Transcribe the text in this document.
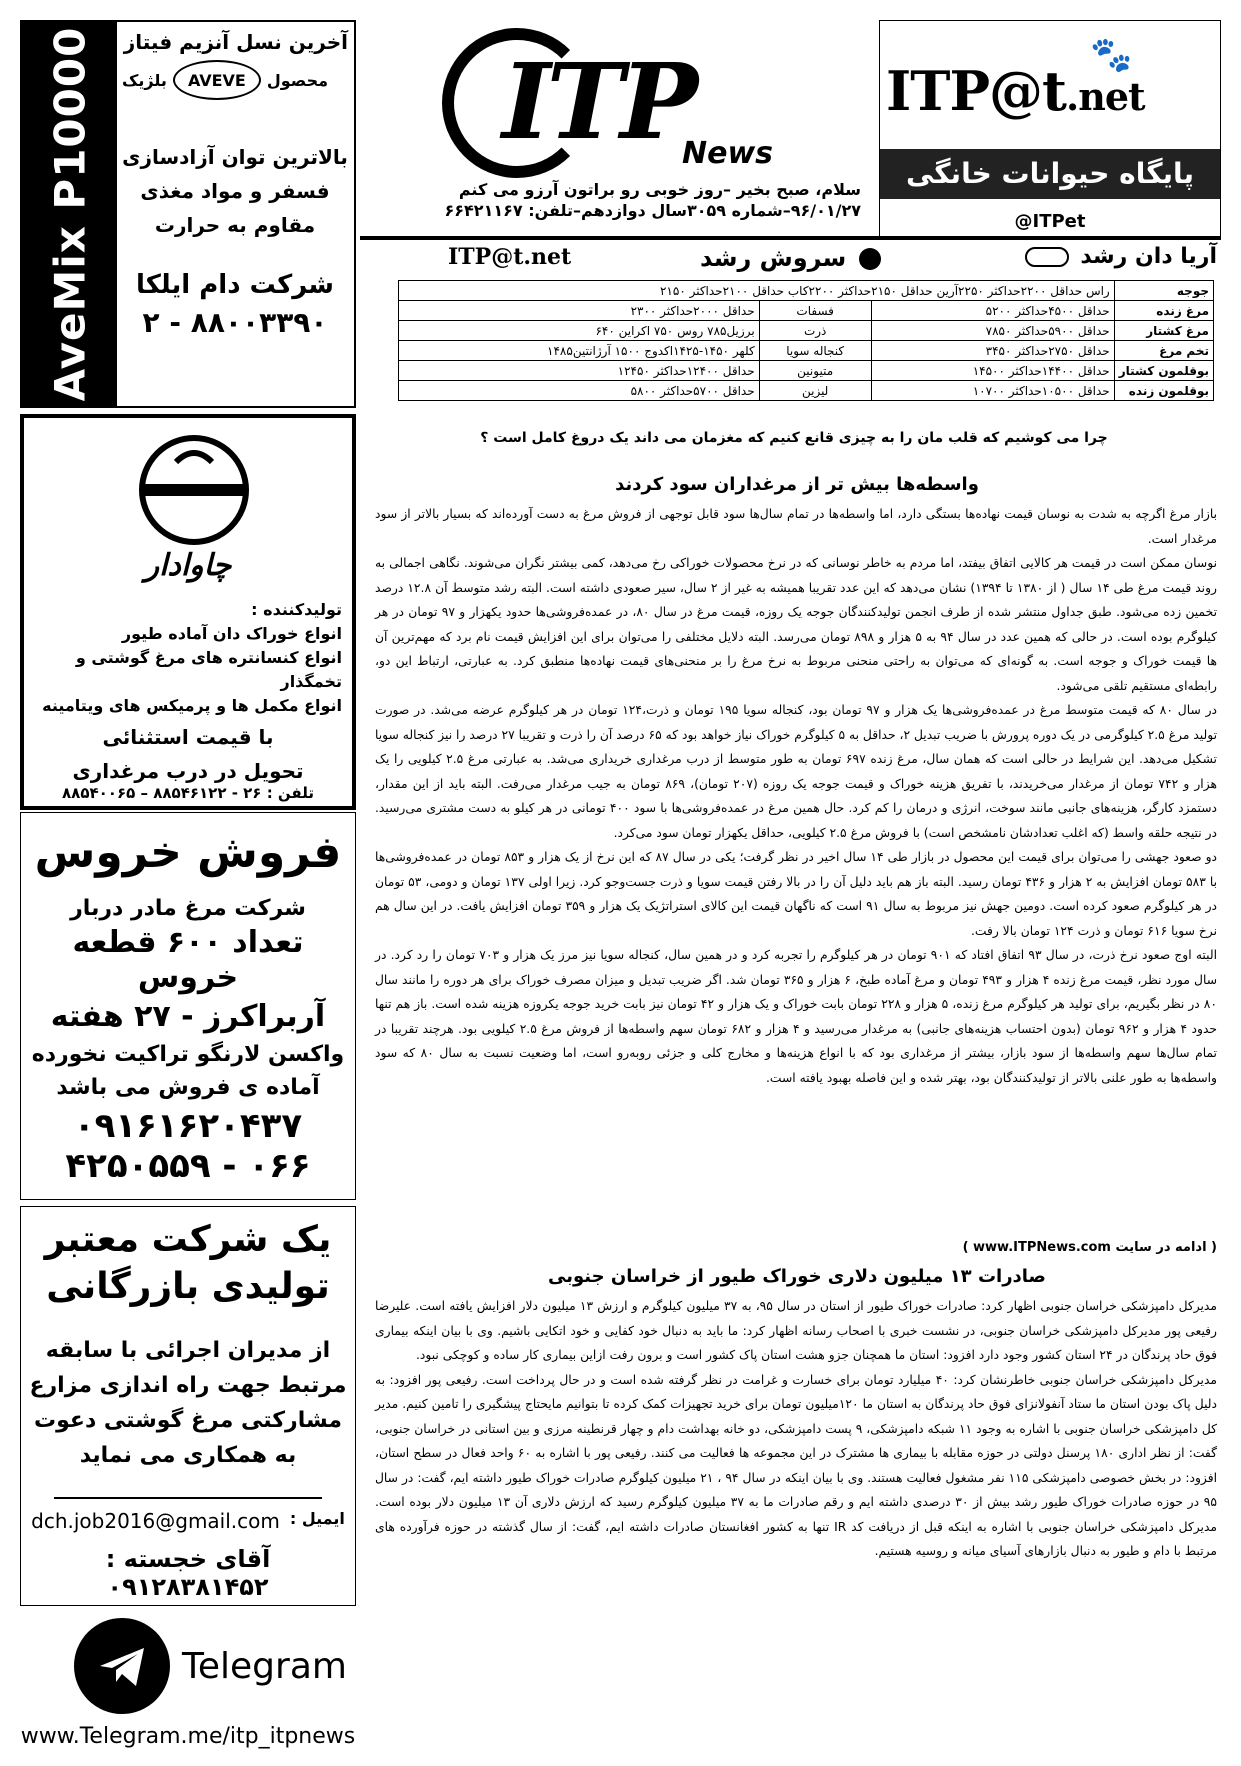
AveMix P10000 آخرین نسل آنزیم فیتاز
محصول
AVEVE
بلژیک
بالاترین توان آزادسازی
فسفر و مواد مغذی
مقاوم به حرارت
شرکت دام ایلکا
۸۸۰۰۳۳۹۰ - ۲
چاوادار
تولیدکننده :
انواع خوراک دان آماده طیور
انواع کنسانتره های مرغ گوشتی و تخمگذار
انواع مکمل ها و پرمیکس های ویتامینه
با قیمت استثنائی
تحویل در درب مرغداری
تلفن : ۲۶ - ۸۸۵۴۶۱۲۲ – ۸۸۵۴۰۰۶۵
فروش خروس
شرکت مرغ مادر دربار
تعداد ۶۰۰ قطعه خروس
آربراکرز - ۲۷ هفته
واکسن لارنگو تراکیت نخورده
آماده ی فروش می باشد
۰۹۱۶۱۶۲۰۴۳۷
۰۶۶ - ۴۲۵۰۵۵۹
یک شرکت معتبر
تولیدی بازرگانی
از مدیران اجرائی با سابقه
مرتبط جهت راه اندازی مزارع
مشارکتی مرغ گوشتی دعوت
به همکاری می نماید
ایمیل :
dch.job2016@gmail.com
آقای خجسته : ۰۹۱۲۸۳۸۱۴۵۲
Telegram
www.Telegram.me/itp_itpnews
ITP
News
سلام، صبح بخیر –روز خوبی رو براتون آرزو می کنم
۹۶/۰۱/۲۷–شماره ۳۰۵۹سال دوازدهم–تلفن: ۶۶۴۲۱۱۶۷
🐾
ITP@t.net
پایگاه حیوانات خانگی
@ITPet
ITP@t.net	سروش رشد	آریا دان رشد
جوجه	راس حداقل ۲۲۰۰حداکثر ۲۲۵۰آرین حداقل ۲۱۵۰حداکثر ۲۲۰۰کاب حداقل ۲۱۰۰حداکثر ۲۱۵۰		
مرغ زنده	حداقل ۴۵۰۰حداکثر ۵۲۰۰	فسفات	حداقل ۲۰۰۰حداکثر ۲۳۰۰
مرغ کشتار	حداقل ۵۹۰۰حداکثر ۷۸۵۰	ذرت	برزیل۷۸۵ روس ۷۵۰ اکراین ۶۴۰
تخم مرغ	حداقل ۲۷۵۰حداکثر ۳۴۵۰	کنجاله سویا	کلهر ۱۴۵۰-۱۴۲۵اکدوج ۱۵۰۰ آرژانتین۱۴۸۵
بوقلمون کشتار	حداقل ۱۴۴۰۰حداکثر ۱۴۵۰۰	متیونین	حداقل ۱۲۴۰۰حداکثر ۱۲۴۵۰
بوقلمون زنده	حداقل ۱۰۵۰۰حداکثر ۱۰۷۰۰	لیزین	حداقل ۵۷۰۰حداکثر ۵۸۰۰
چرا می کوشیم که قلب مان را به چیزی قانع کنیم که مغزمان می داند یک دروغ کامل است ؟
واسطه‌ها بیش تر از مرغداران سود کردند

بازار مرغ اگرچه به شدت به نوسان قیمت نهاده‌ها بستگی دارد، اما واسطه‌ها در تمام سال‌ها سود قابل توجهی از فروش مرغ به دست آورده‌اند که بسیار بالاتر از سود مرغدار است.

نوسان ممکن است در قیمت هر کالایی اتفاق بیفتد، اما مردم به خاطر نوسانی که در نرخ محصولات خوراکی رخ می‌دهد، کمی بیشتر نگران می‌شوند. نگاهی اجمالی به روند قیمت مرغ طی ۱۴ سال ( از ۱۳۸۰ تا ۱۳۹۴) نشان می‌دهد که این عدد تقریبا همیشه به غیر از ۲ سال، سیر صعودی داشته است. البته رشد متوسط آن ۱۲.۸ درصد تخمین زده می‌شود. طبق جداول منتشر شده از طرف انجمن تولیدکنندگان جوجه یک روزه، قیمت مرغ در سال ۸۰، در عمده‌فروشی‌ها حدود یکهزار و ۹۷ تومان در هر کیلوگرم بوده است. در حالی که همین عدد در سال ۹۴ به ۵ هزار و ۸۹۸ تومان می‌رسد. البته دلایل مختلفی را می‌توان برای این افزایش قیمت نام برد که مهم‌ترین آن ها قیمت خوراک و جوجه است. به گونه‌ای که می‌توان به راحتی منحنی مربوط به نرخ مرغ را بر منحنی‌های قیمت نهاده‌ها منطبق کرد. به عبارتی، ارتباط این دو، رابطه‌ای مستقیم تلقی می‌شود.

در سال ۸۰ که قیمت متوسط مرغ در عمده‌فروشی‌ها یک هزار و ۹۷ تومان بود، کنجاله سویا ۱۹۵ تومان و ذرت،۱۲۴ تومان در هر کیلوگرم عرضه می‌شد. در صورت تولید مرغ ۲.۵ کیلوگرمی در یک دوره پرورش با ضریب تبدیل ۲، حداقل به ۵ کیلوگرم خوراک نیاز خواهد بود که ۶۵ درصد آن را ذرت و تقریبا ۲۷ درصد را نیز کنجاله سویا تشکیل می‌دهد. این شرایط در حالی است که همان سال، مرغ زنده ۶۹۷ تومان به طور متوسط از درب مرغداری خریداری می‌شد. به عبارتی مرغ ۲.۵ کیلویی را یک هزار و ۷۴۲ تومان از مرغدار می‌خریدند، با تفریق هزینه خوراک و قیمت جوجه یک روزه (۲۰۷ تومان)، ۸۶۹ تومان به جیب مرغدار می‌رفت. البته باید از این مقدار، دستمزد کارگر، هزینه‌های جانبی مانند سوخت، انرژی و درمان را کم کرد. حال همین مرغ در عمده‌فروشی‌ها با سود ۴۰۰ تومانی در هر کیلو به دست مشتری می‌رسید. در نتیجه حلقه واسط (که اغلب تعدادشان نامشخص است) با فروش مرغ ۲.۵ کیلویی، حداقل یکهزار تومان سود می‌کرد.

دو صعود جهشی را می‌توان برای قیمت این محصول در بازار طی ۱۴ سال اخیر در نظر گرفت؛ یکی در سال ۸۷ که این نرخ از یک هزار و ۸۵۳ تومان در عمده‌فروشی‌ها با ۵۸۳ تومان افزایش به ۲ هزار و ۴۳۶ تومان رسید. البته باز هم باید دلیل آن را در بالا رفتن قیمت سویا و ذرت جست‌وجو کرد. زیرا اولی ۱۳۷ تومان و دومی، ۵۳ تومان در هر کیلوگرم صعود کرده است. دومین جهش نیز مربوط به سال ۹۱ است که ناگهان قیمت این کالای استراتژیک یک هزار و ۳۵۹ تومان افزایش یافت. در این سال هم نرخ سویا ۶۱۶ تومان و ذرت ۱۲۴ تومان بالا رفت.

البته اوج صعود نرخ ذرت، در سال ۹۳ اتفاق افتاد که ۹۰۱ تومان در هر کیلوگرم را تجربه کرد و در همین سال، کنجاله سویا نیز مرز یک هزار و ۷۰۳ تومان را رد کرد. در سال مورد نظر، قیمت مرغ زنده ۴ هزار و ۴۹۳ تومان و مرغ آماده طبخ، ۶ هزار و ۳۶۵ تومان شد. اگر ضریب تبدیل و میزان مصرف خوراک برای هر دوره را مانند سال ۸۰ در نظر بگیریم، برای تولید هر کیلوگرم مرغ زنده، ۵ هزار و ۲۲۸ تومان بابت خوراک و یک هزار و ۴۲ تومان نیز بابت خرید جوجه یکروزه هزینه شده است. باز هم تنها حدود ۴ هزار و ۹۶۲ تومان (بدون احتساب هزینه‌های جانبی) به مرغدار می‌رسید و ۴ هزار و ۶۸۲ تومان سهم واسطه‌ها از فروش مرغ ۲.۵ کیلویی بود. هرچند تقریبا در تمام سال‌ها سهم واسطه‌ها از سود بازار، بیشتر از مرغداری بود که با انواع هزینه‌ها و مخارج کلی و جزئی روبه‌رو است، اما وضعیت نسبت به سال ۸۰ که سود واسطه‌ها به طور علنی بالاتر از تولیدکنندگان بود، بهتر شده و این فاصله بهبود یافته است.

( ادامه در سایت www.ITPNews.com )
صادرات ۱۳ میلیون دلاری خوراک طیور از خراسان جنوبی

مدیرکل دامپزشکی خراسان جنوبی اظهار کرد: صادرات خوراک طیور از استان در سال ۹۵، به ۳۷ میلیون کیلوگرم و ارزش ۱۳ میلیون دلار افزایش یافته است. علیرضا رفیعی پور مدیرکل دامپزشکی خراسان جنوبی، در نشست خبری با اصحاب رسانه اظهار کرد: ما باید به دنبال خود کفایی و خود اتکایی باشیم. وی با بیان اینکه بیماری فوق حاد پرندگان در ۲۴ استان کشور وجود دارد افزود: استان ما همچنان جزو هشت استان پاک کشور است و برون رفت ازاین بیماری کار ساده و کوچکی نبود.

مدیرکل دامپزشکی خراسان جنوبی خاطرنشان کرد: ۴۰ میلیارد تومان برای خسارت و غرامت در نظر گرفته شده است و در حال پرداخت است. رفیعی پور افزود: به دلیل پاک بودن استان ما ستاد آنفولانزای فوق حاد پرندگان به استان ما ۱۲۰میلیون تومان برای خرید تجهیزات کمک کرده تا بتوانیم مایحتاج پیشگیری را تامین کنیم. مدیر کل دامپزشکی خراسان جنوبی با اشاره به وجود ۱۱ شبکه دامپزشکی، ۹ پست دامپزشکی، دو خانه بهداشت دام و چهار قرنطینه مرزی و بین استانی در خراسان جنوبی، گفت: از نظر اداری ۱۸۰ پرسنل دولتی در حوزه مقابله با بیماری ها مشترک در این مجموعه ها فعالیت می کنند. رفیعی پور با اشاره به ۶۰ واحد فعال در سطح استان، افزود: در بخش خصوصی دامپزشکی ۱۱۵ نفر مشغول فعالیت هستند. وی با بیان اینکه در سال ۹۴ ، ۲۱ میلیون کیلوگرم صادرات خوراک طیور داشته ایم، گفت: در سال ۹۵ در حوزه صادرات خوراک طیور رشد بیش از ۳۰ درصدی داشته ایم و رقم صادرات ما به ۳۷ میلیون کیلوگرم رسید که ارزش دلاری آن ۱۳ میلیون دلار بوده است. مدیرکل دامپزشکی خراسان جنوبی با اشاره به اینکه قبل از دریافت کد IR تنها به کشور افغانستان صادرات داشته ایم، گفت: از سال گذشته در حوزه فرآورده های مرتبط با دام و طیور به دنبال بازارهای آسیای میانه و روسیه هستیم.
